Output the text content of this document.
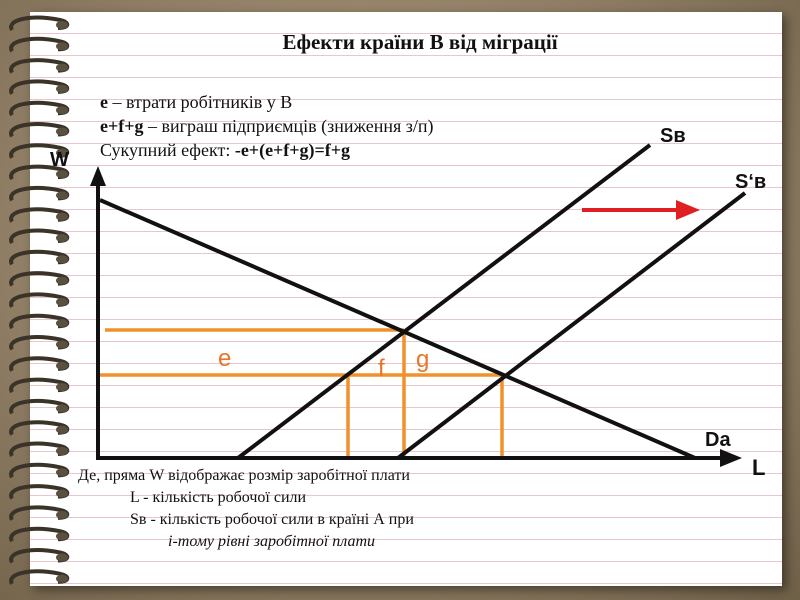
Ефекти країни В від міграції
e – втрати робітників у В
e+f+g – виграш підприємців (зниження з/п)
Сукупний ефект: -e+(e+f+g)=f+g
W
L
Sв
S‘в
Dа
e	f g
Де, пряма W відображає розмір заробітної плати
L - кількість робочої сили
Sв - кількість робочої сили в країні А при
i-тому рівні заробітної плати
